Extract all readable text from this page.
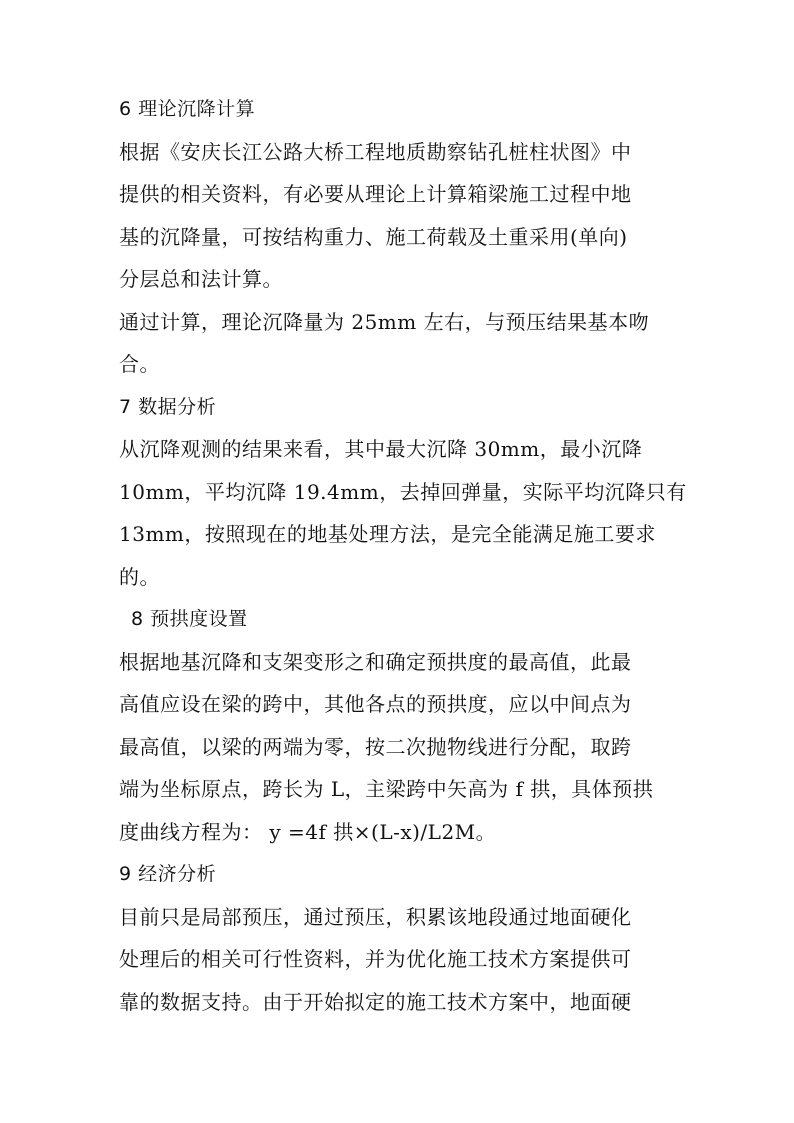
6 理论沉降计算
根据《安庆长江公路大桥工程地质勘察钻孔桩柱状图》中
提供的相关资料，有必要从理论上计算箱梁施工过程中地
基的沉降量，可按结构重力、施工荷载及土重采用(单向)
分层总和法计算。
通过计算，理论沉降量为 25mm 左右，与预压结果基本吻
合。
7 数据分析
从沉降观测的结果来看，其中最大沉降 30mm，最小沉降
10mm，平均沉降 19.4mm，去掉回弹量，实际平均沉降只有
13mm，按照现在的地基处理方法，是完全能满足施工要求
的。
8 预拱度设置
根据地基沉降和支架变形之和确定预拱度的最高值，此最
高值应设在梁的跨中，其他各点的预拱度，应以中间点为
最高值，以梁的两端为零，按二次抛物线进行分配，取跨
端为坐标原点，跨长为 L，主梁跨中矢高为 f 拱，具体预拱
度曲线方程为： y =4f 拱×(L-x)/L2M。
9 经济分析
目前只是局部预压，通过预压，积累该地段通过地面硬化
处理后的相关可行性资料，并为优化施工技术方案提供可
靠的数据支持。由于开始拟定的施工技术方案中，地面硬
